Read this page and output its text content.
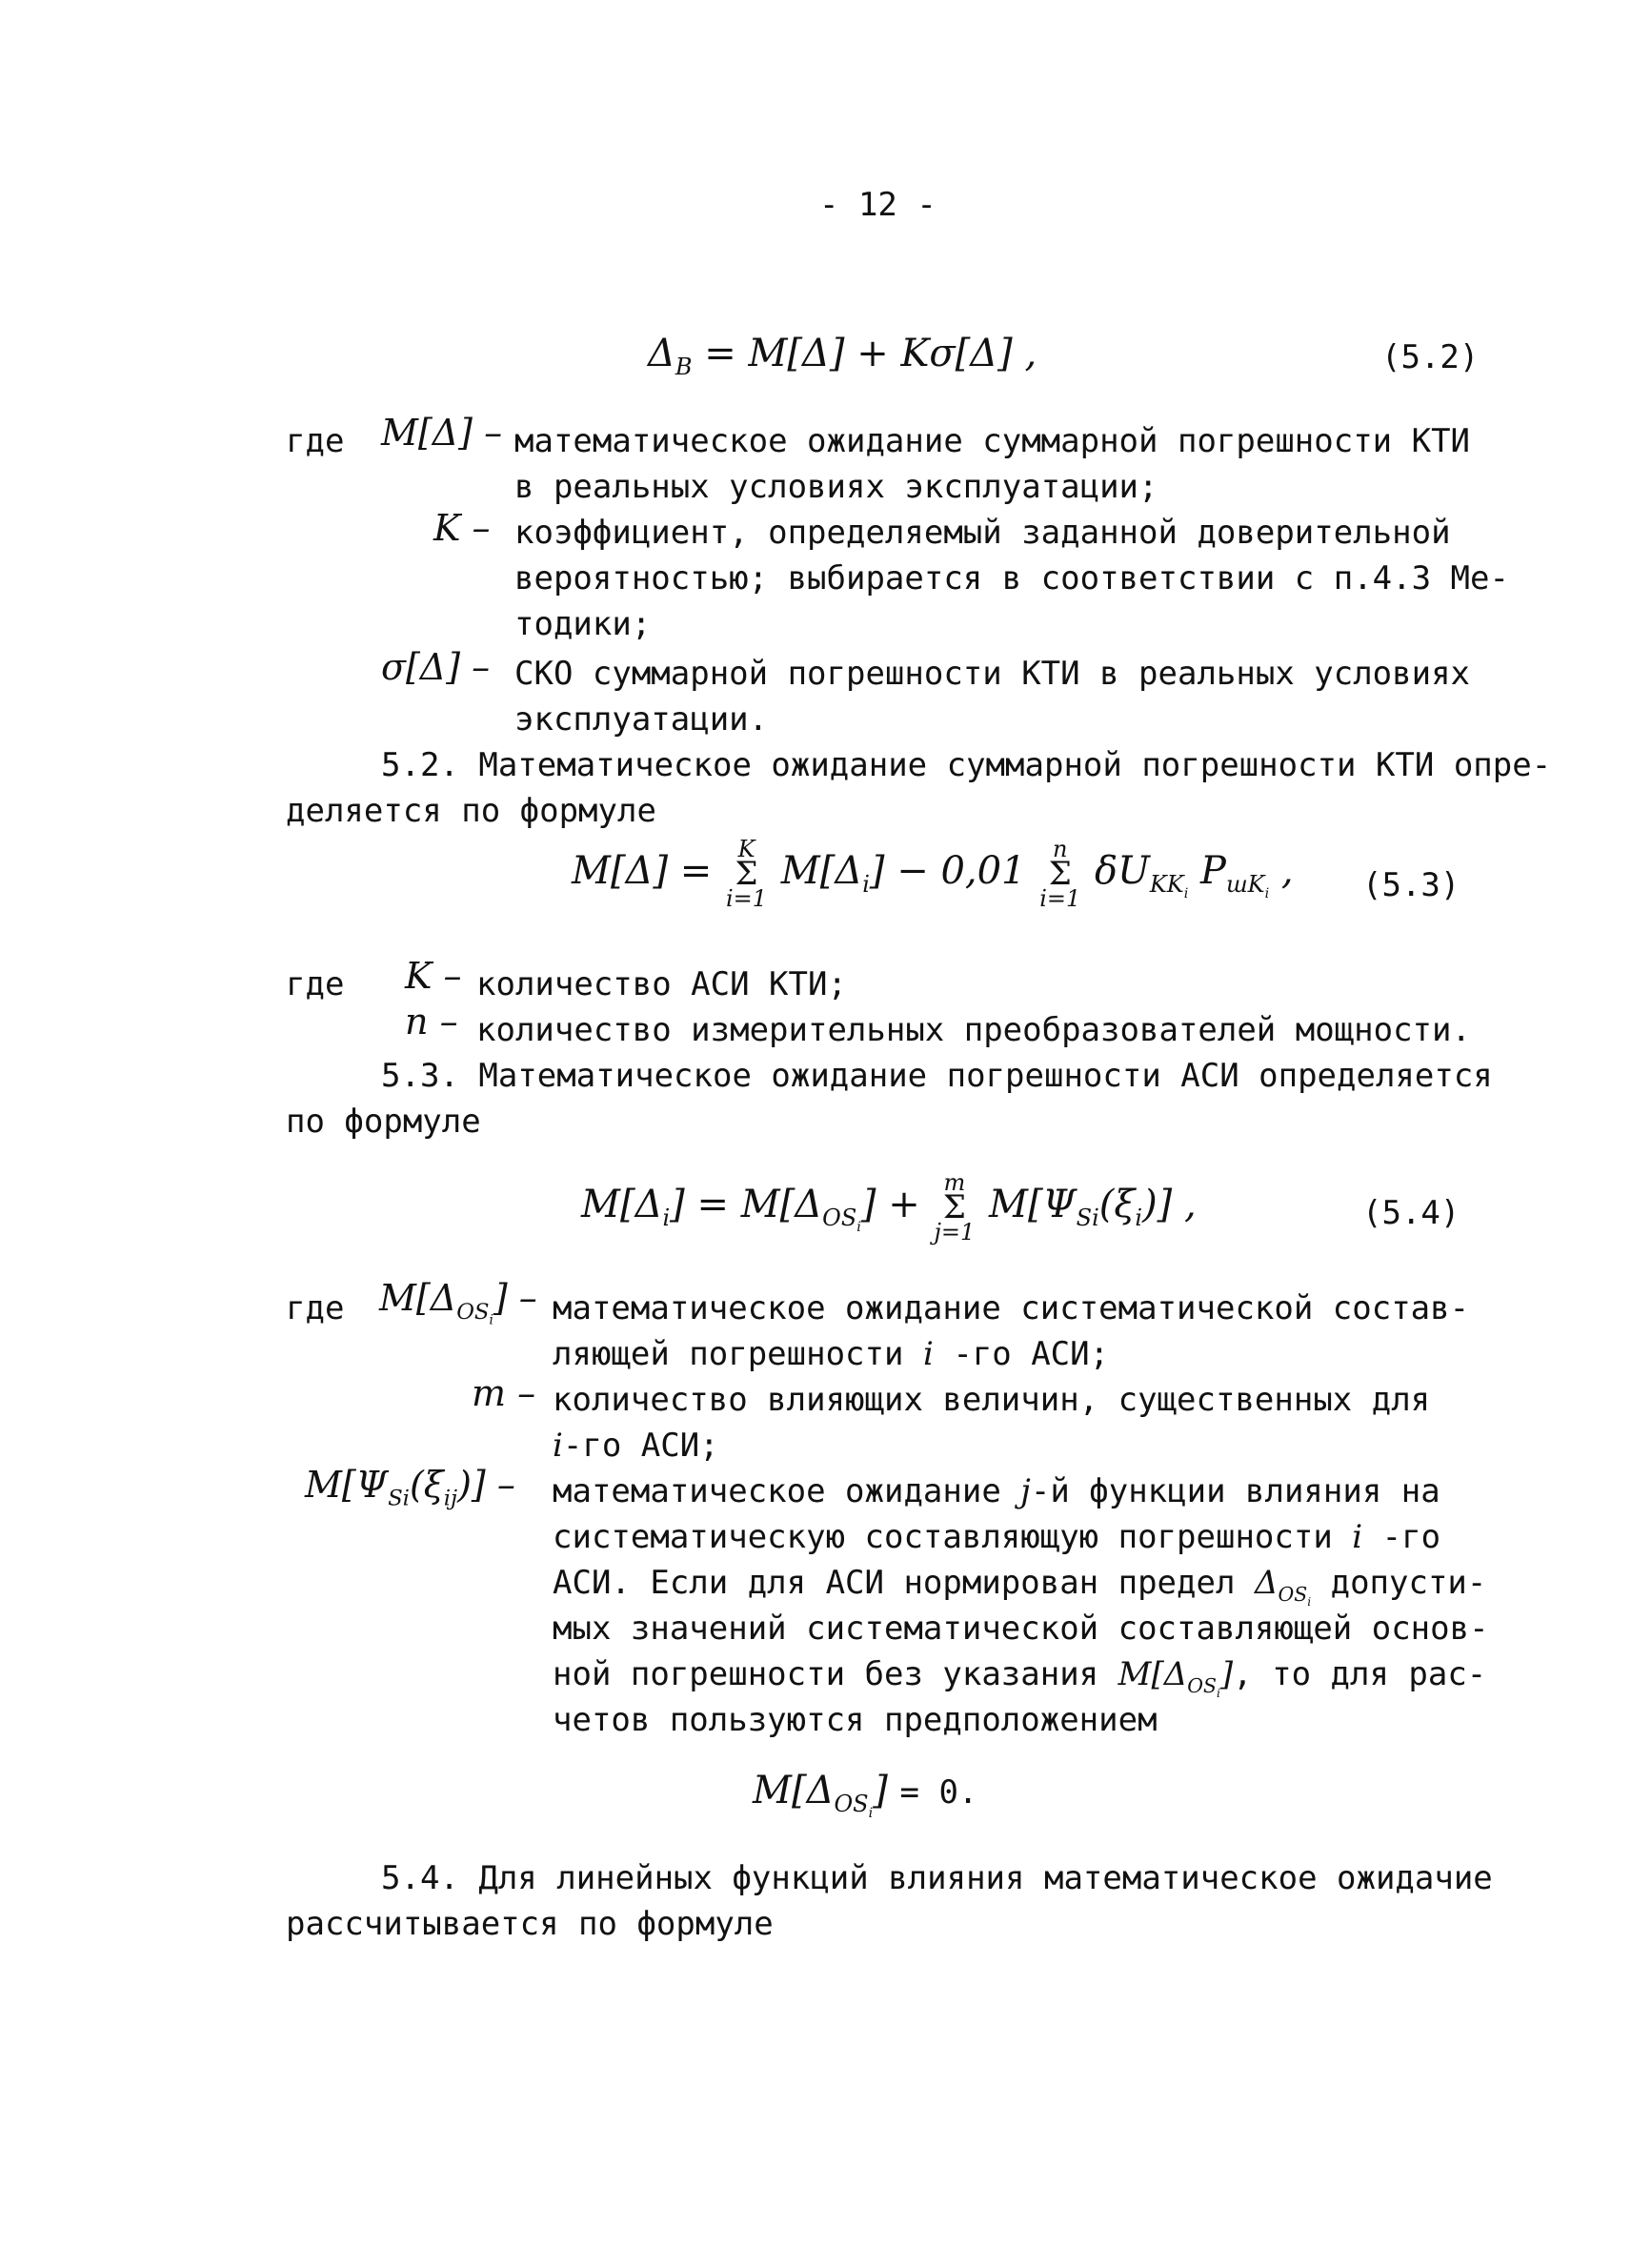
- 12 -
$\Delta_B = M[\Delta] + K\sigma[\Delta]$ ,	(5.2)
где M[Δ] – математическое ожидание суммарной погрешности КТИ
в реальных условиях эксплуатации;
K – коэффициент, определяемый заданной доверительной
вероятностью; выбирается в соответствии с п.4.3 Ме-
тодики;
σ[Δ] – СКО суммарной погрешности КТИ в реальных условиях
эксплуатации.
5.2. Математическое ожидание суммарной погрешности КТИ опре-
деляется по формуле
M[Δ] = K
Σ
i=1
$M[\Delta_i] - 0,01$ n
Σ
i=1
$\delta U_{KK_i}$ $P_{шK_i}$ , (5.3)
где K – количество АСИ КТИ;
n – количество измерительных преобразователей мощности.
5.3. Математическое ожидание погрешности АСИ определяется
по формуле
$M[\Delta_i] = M[\Delta_{OS_i}] + m$
Σ
j=1
$M[\Psi_{Si}(\xi_i)]$ ,	(5.4)
где $M[\Delta_{OS_i}]$ – математическое ожидание систематической состав-
ляющей погрешности i -го АСИ;
m – количество влияющих величин, существенных для
i-го АСИ;
$M[\Psi_{Si}(\xi_{ij})]$ – математическое ожидание j-й функции влияния на
систематическую составляющую погрешности i -го
АСИ. Если для АСИ нормирован предел $\Delta_{OS_i}$ допусти-
мых значений систематической составляющей основ-
ной погрешности без указания $M[\Delta_{OS_i}]$, то для рас-
четов пользуются предположением
$M[\Delta_{OS_i}] = 0$.
5.4. Для линейных функций влияния математическое ожидачие
рассчитывается по формуле
